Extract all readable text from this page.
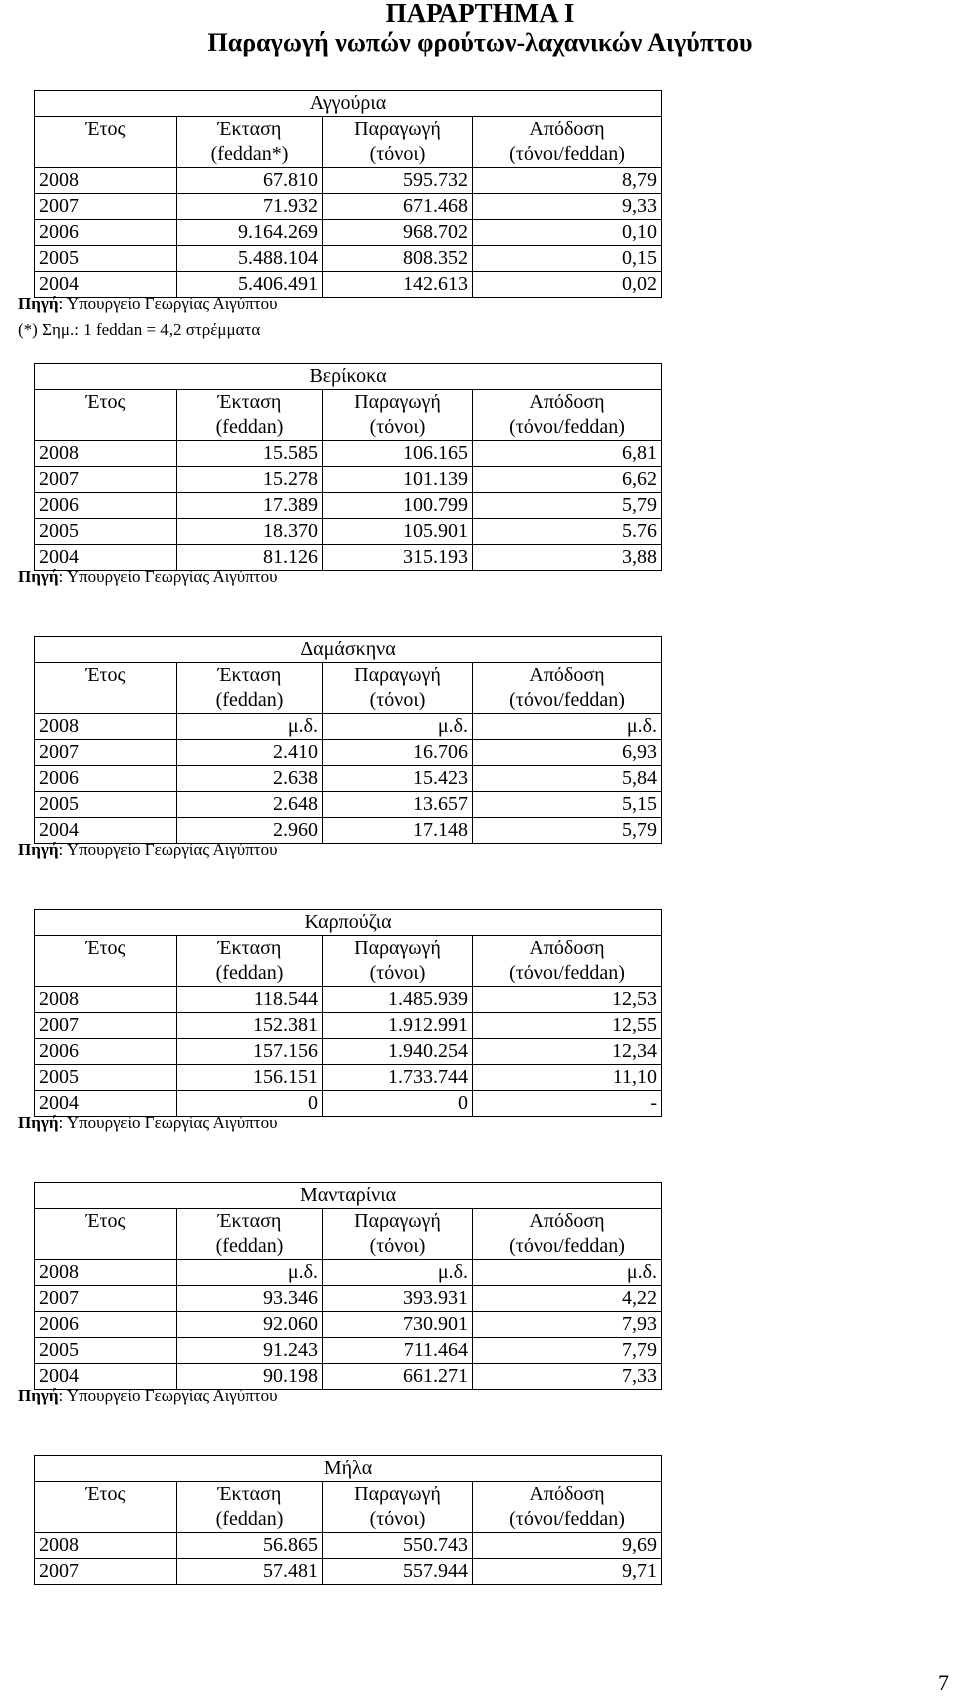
ΠΑΡΑΡΤΗΜΑ Ι
Παραγωγή νωπών φρούτων-λαχανικών Αιγύπτου
Αγγούρια			
Έτος	Έκταση	Παραγωγή	Απόδοση
	(feddan*)	(τόνοι)	(τόνοι/feddan)
2008	67.810	595.732	8,79
2007	71.932	671.468	9,33
2006	9.164.269	968.702	0,10
2005	5.488.104	808.352	0,15
2004	5.406.491	142.613	0,02
Πηγή: Υπουργείο Γεωργίας Αιγύπτου
(*) Σημ.: 1 feddan = 4,2 στρέμματα
Βερίκοκα			
Έτος	Έκταση	Παραγωγή	Απόδοση
	(feddan)	(τόνοι)	(τόνοι/feddan)
2008	15.585	106.165	6,81
2007	15.278	101.139	6,62
2006	17.389	100.799	5,79
2005	18.370	105.901	5.76
2004	81.126	315.193	3,88
Πηγή: Υπουργείο Γεωργίας Αιγύπτου
Δαμάσκηνα			
Έτος	Έκταση	Παραγωγή	Απόδοση
	(feddan)	(τόνοι)	(τόνοι/feddan)
2008	μ.δ.	μ.δ.	μ.δ.
2007	2.410	16.706	6,93
2006	2.638	15.423	5,84
2005	2.648	13.657	5,15
2004	2.960	17.148	5,79
Πηγή: Υπουργείο Γεωργίας Αιγύπτου
Καρπούζια			
Έτος	Έκταση	Παραγωγή	Απόδοση
	(feddan)	(τόνοι)	(τόνοι/feddan)
2008	118.544	1.485.939	12,53
2007	152.381	1.912.991	12,55
2006	157.156	1.940.254	12,34
2005	156.151	1.733.744	11,10
2004	0	0	-
Πηγή: Υπουργείο Γεωργίας Αιγύπτου
Μανταρίνια			
Έτος	Έκταση	Παραγωγή	Απόδοση
	(feddan)	(τόνοι)	(τόνοι/feddan)
2008	μ.δ.	μ.δ.	μ.δ.
2007	93.346	393.931	4,22
2006	92.060	730.901	7,93
2005	91.243	711.464	7,79
2004	90.198	661.271	7,33
Πηγή: Υπουργείο Γεωργίας Αιγύπτου
Μήλα			
Έτος	Έκταση	Παραγωγή	Απόδοση
	(feddan)	(τόνοι)	(τόνοι/feddan)
2008	56.865	550.743	9,69
2007	57.481	557.944	9,71
7
